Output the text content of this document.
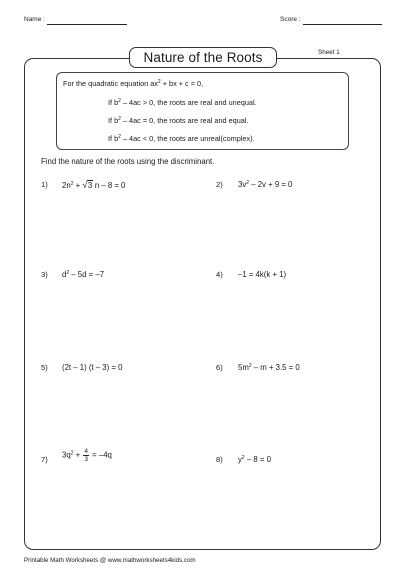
Name :	Score :
Nature of the Roots	Sheet 1
For the quadratic equation $ax^2$ + bx + c = 0,
If $b^2 - 4ac > 0$, the roots are real and unequal.
If $b^2 - 4ac = 0$, the roots are real and equal.
If $b^2 - 4ac < 0$, the roots are unreal(complex).
Find the nature of the roots using the discriminant.
1) $2n^2 + √3$ n – 8 = 0	2) $3v^2 - 2v + 9 = 0$
3) $d^2 - 5d = -7$	4) –1 = 4k(k + 1)
5) (2t – 1) (t – 3) = 0	6) $5m^2 - m + 3.5 = 0$
7) $3q^2 + \frac{4}{3} = -4q$	8) $y^2 - 8 = 0$
Printable Math Worksheets @ www.mathworksheets4kids.com
